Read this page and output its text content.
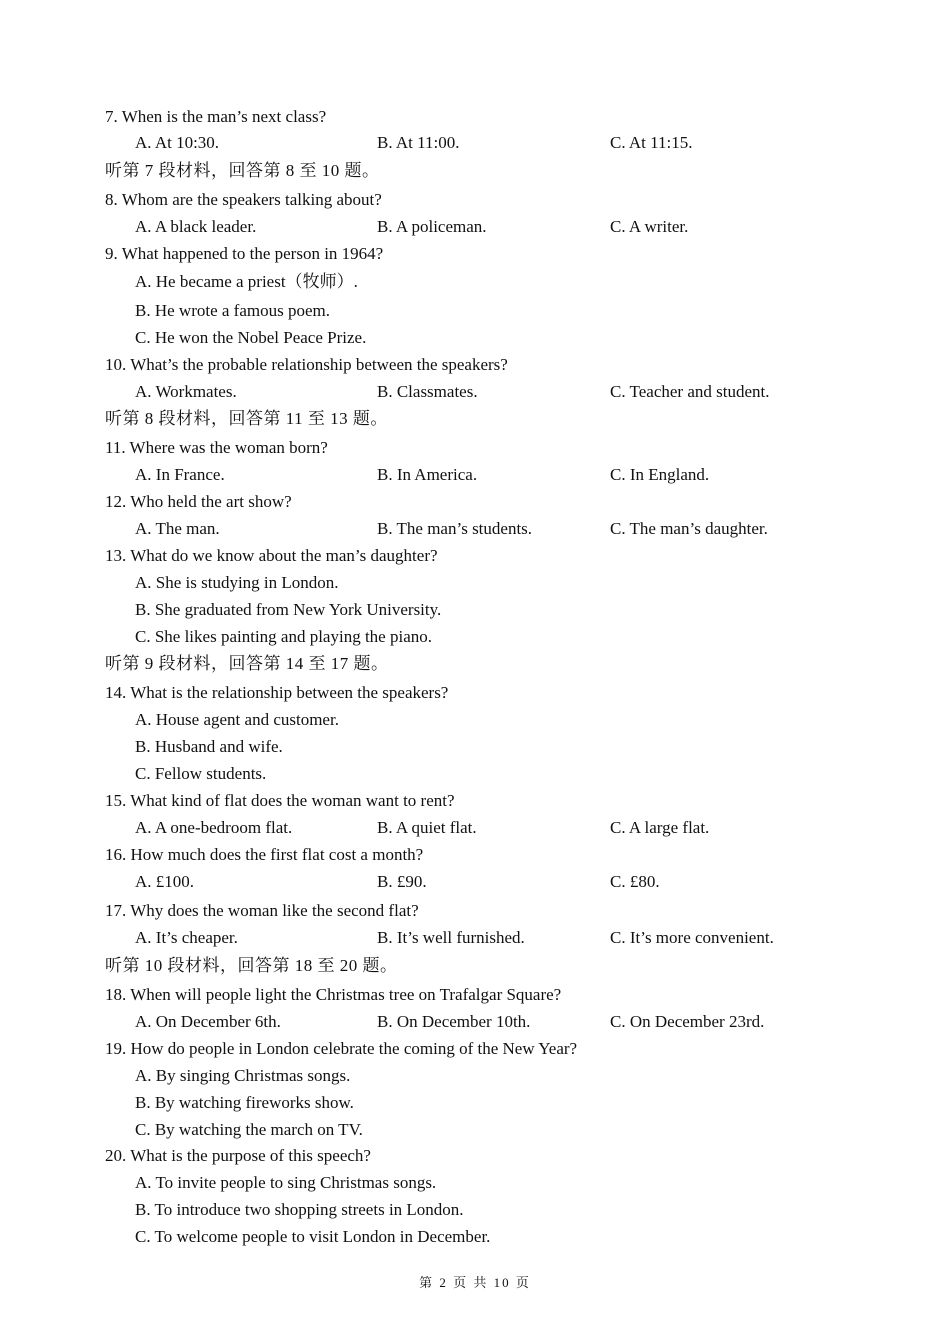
7. When is the man’s next class?
A. At 10:30.	B. At 11:00.	C. At 11:15.
听第 7 段材料，回答第 8 至 10 题。
8. Whom are the speakers talking about?
A. A black leader.	B. A policeman.	C. A writer.
9. What happened to the person in 1964?
A. He became a priest（牧师）.
B. He wrote a famous poem.
C. He won the Nobel Peace Prize.
10. What’s the probable relationship between the speakers?
A. Workmates.	B. Classmates.	C. Teacher and student.
听第 8 段材料，回答第 11 至 13 题。
11. Where was the woman born?
A. In France.	B. In America.	C. In England.
12. Who held the art show?
A. The man.	B. The man’s students.	C. The man’s daughter.
13. What do we know about the man’s daughter?
A. She is studying in London.
B. She graduated from New York University.
C. She likes painting and playing the piano.
听第 9 段材料，回答第 14 至 17 题。
14. What is the relationship between the speakers?
A. House agent and customer.
B. Husband and wife.
C. Fellow students.
15. What kind of flat does the woman want to rent?
A. A one-bedroom flat.	B. A quiet flat.	C. A large flat.
16. How much does the first flat cost a month?
A. £100.	B. £90.	C. £80.
17. Why does the woman like the second flat?
A. It’s cheaper.	B. It’s well furnished.	C. It’s more convenient.
听第 10 段材料，回答第 18 至 20 题。
18. When will people light the Christmas tree on Trafalgar Square?
A. On December 6th.	B. On December 10th.	C. On December 23rd.
19. How do people in London celebrate the coming of the New Year?
A. By singing Christmas songs.
B. By watching fireworks show.
C. By watching the march on TV.
20. What is the purpose of this speech?
A. To invite people to sing Christmas songs.
B. To introduce two shopping streets in London.
C. To welcome people to visit London in December.
第 2 页 共 10 页
